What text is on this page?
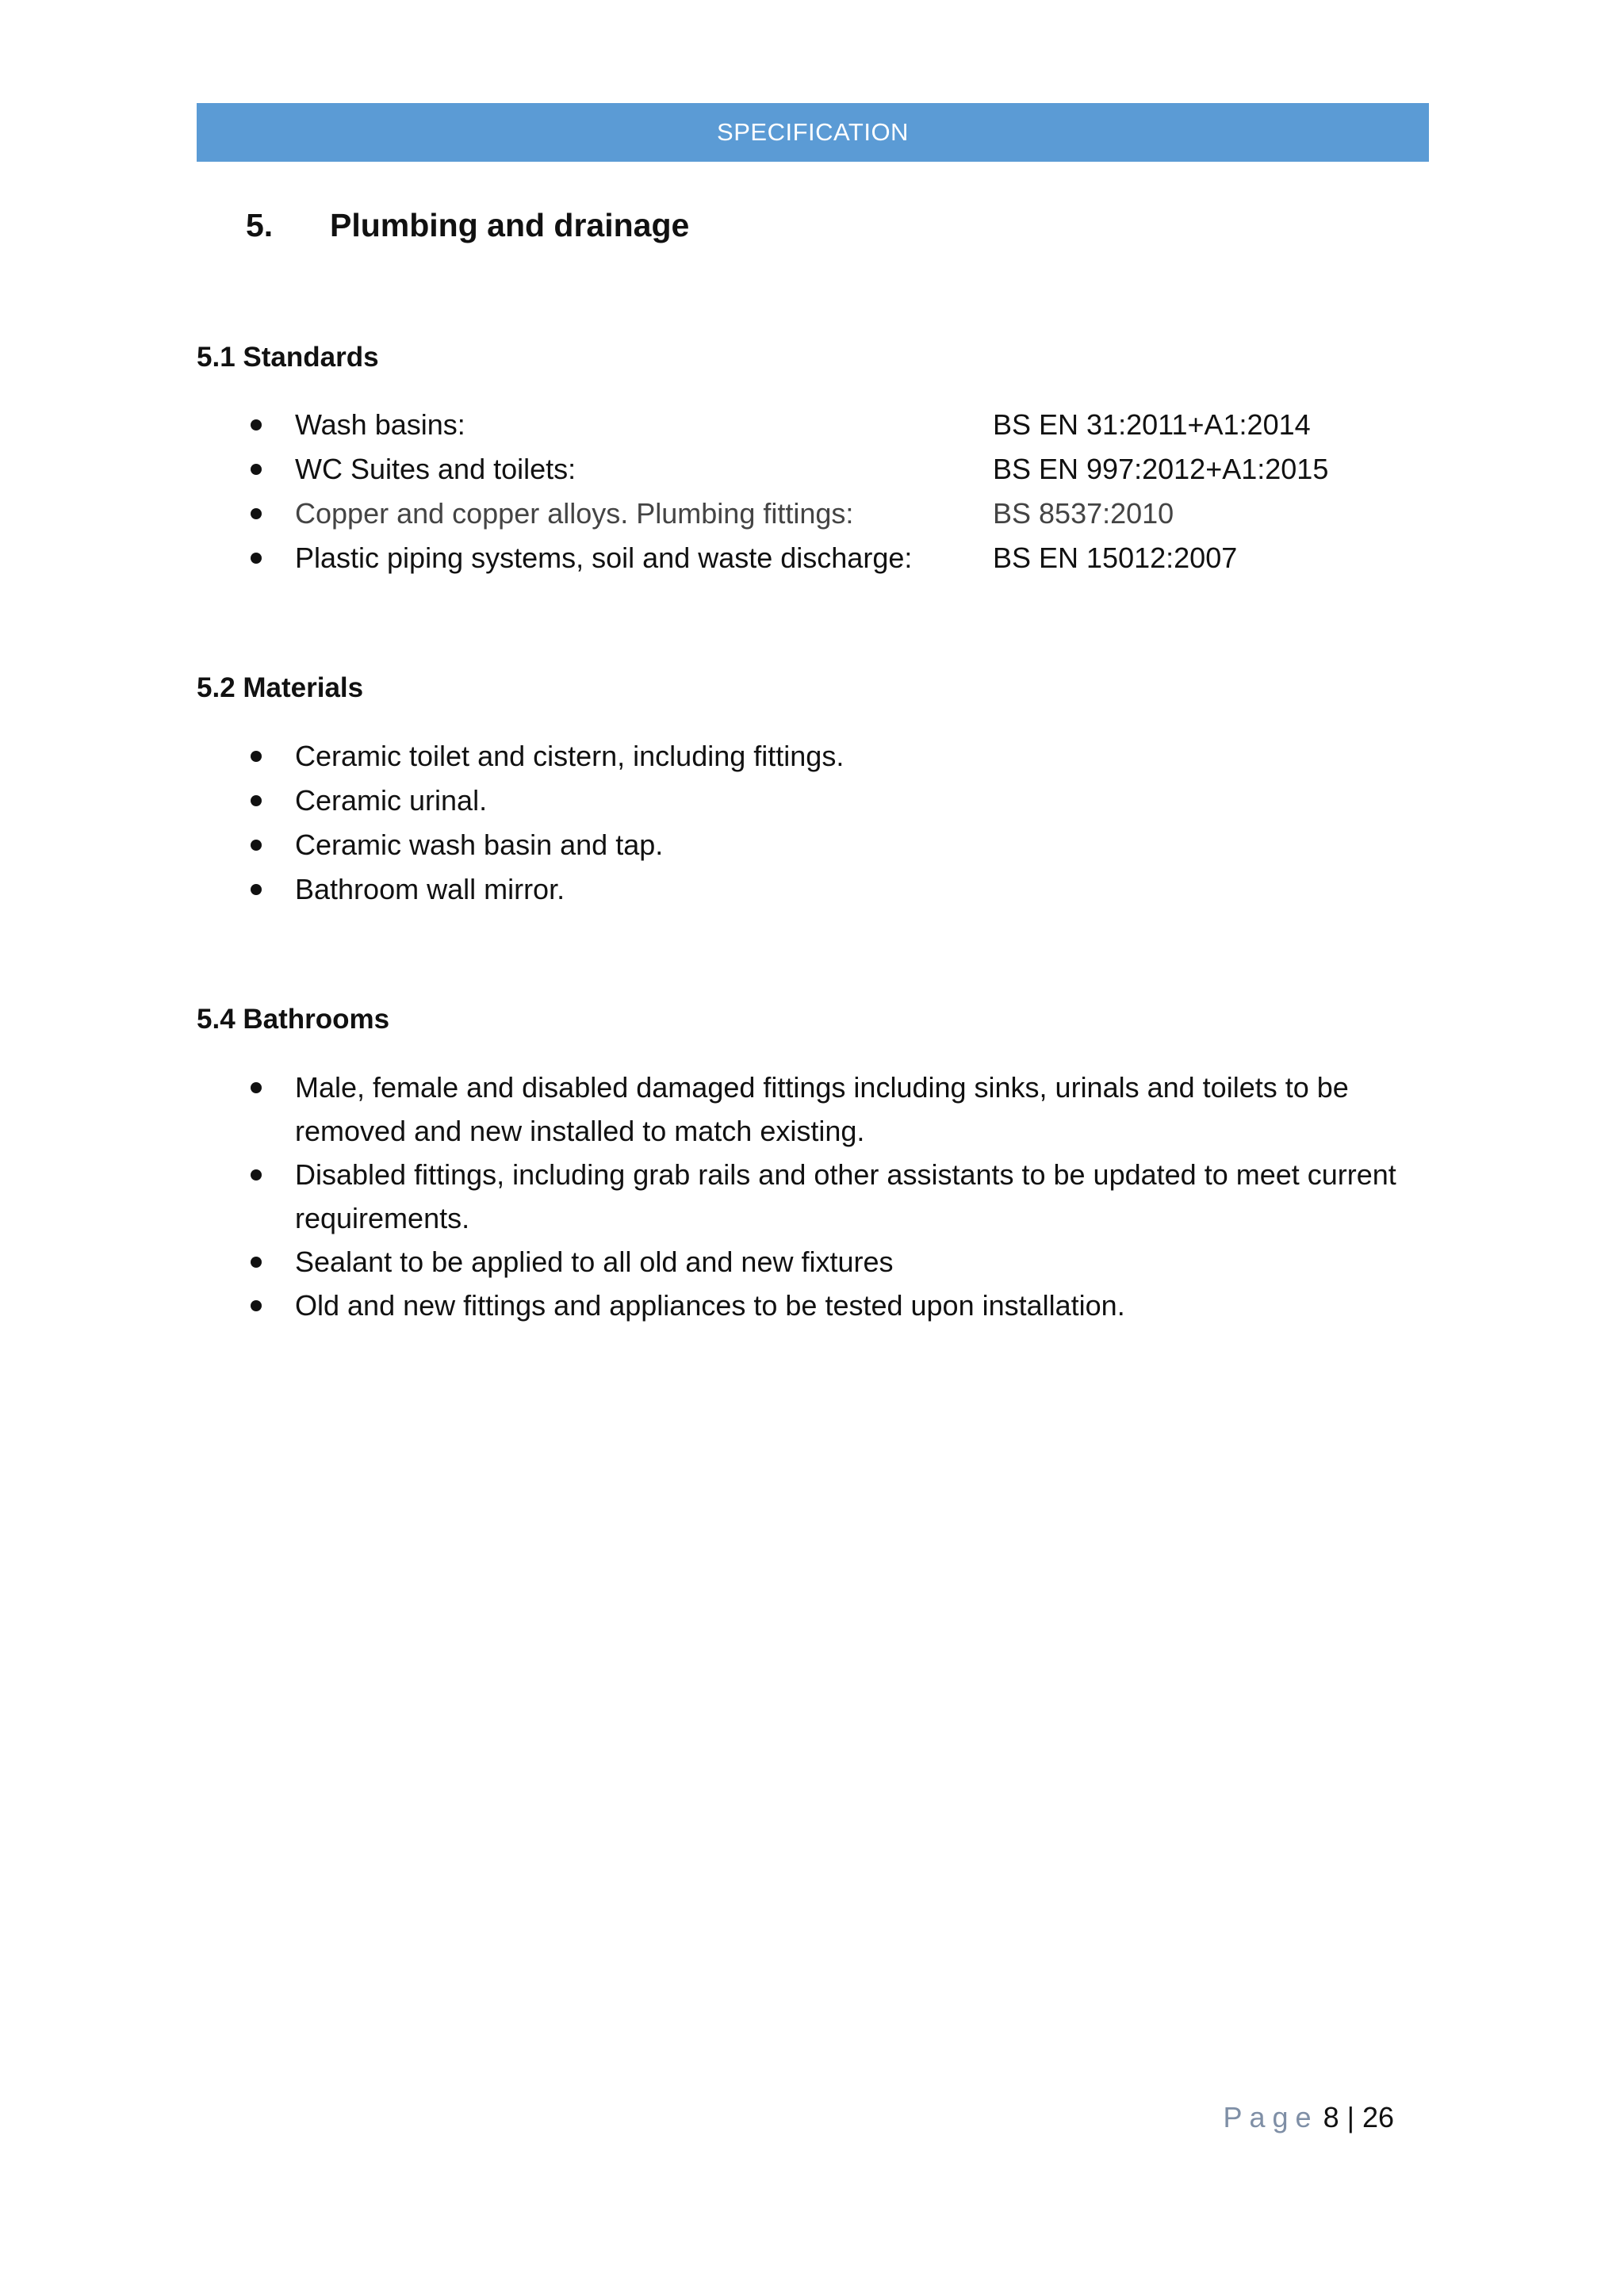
SPECIFICATION
5. Plumbing and drainage
5.1 Standards
Wash basins:	BS EN 31:2011+A1:2014
WC Suites and toilets:	BS EN 997:2012+A1:2015
Copper and copper alloys. Plumbing fittings:	BS 8537:2010
Plastic piping systems, soil and waste discharge:	BS EN 15012:2007
5.2 Materials
Ceramic toilet and cistern, including fittings.
Ceramic urinal.
Ceramic wash basin and tap.
Bathroom wall mirror.
5.4 Bathrooms
Male, female and disabled damaged fittings including sinks, urinals and toilets to be removed and new installed to match existing.
Disabled fittings, including grab rails and other assistants to be updated to meet current requirements.
Sealant to be applied to all old and new fixtures
Old and new fittings and appliances to be tested upon installation.
Page 8 | 26
